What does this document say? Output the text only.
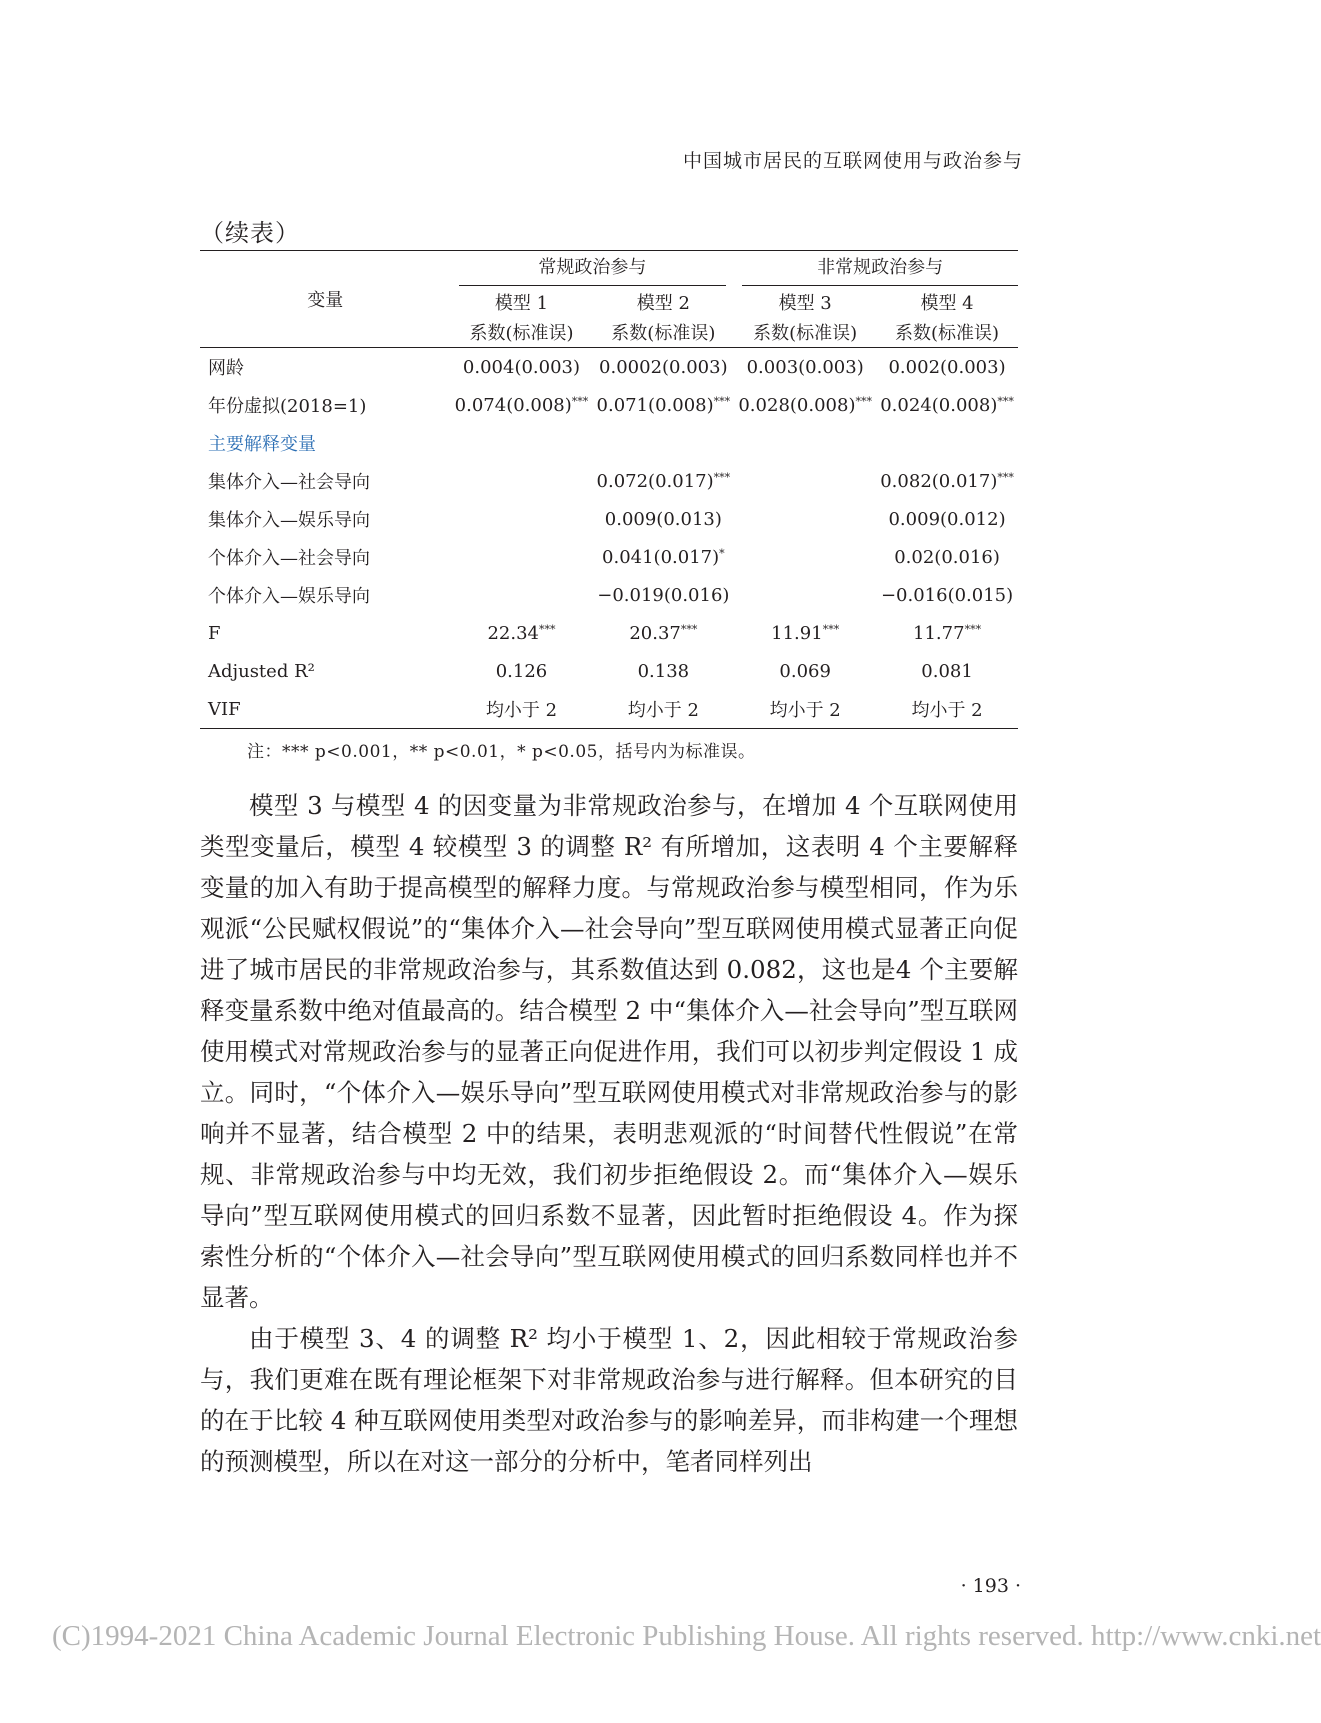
中国城市居民的互联网使用与政治参与
（续表）
变量	常规政治参与		非常规政治参与	

	模型 1	模型 2	模型 3	模型 4
	系数(标准误)	系数(标准误)	系数(标准误)	系数(标准误)
网龄	0.004(0.003)	0.0002(0.003)	0.003(0.003)	0.002(0.003)
年份虚拟(2018=1)	0.074(0.008)***	0.071(0.008)***	0.028(0.008)***	0.024(0.008)***
主要解释变量				
集体介入—社会导向		0.072(0.017)***		0.082(0.017)***
集体介入—娱乐导向		0.009(0.013)		0.009(0.012)
个体介入—社会导向		0.041(0.017)*		0.02(0.016)
个体介入—娱乐导向		−0.019(0.016)		−0.016(0.015)
F	22.34***	20.37***	11.91***	11.77***
Adjusted R²	0.126	0.138	0.069	0.081
VIF	均小于 2	均小于 2	均小于 2	均小于 2
注：*** p<0.001，** p<0.01，* p<0.05，括号内为标准误。

模型 3 与模型 4 的因变量为非常规政治参与，在增加 4 个互联网使用类型变量后，模型 4 较模型 3 的调整 R² 有所增加，这表明 4 个主要解释变量的加入有助于提高模型的解释力度。与常规政治参与模型相同，作为乐观派“公民赋权假说”的“集体介入—社会导向”型互联网使用模式显著正向促进了城市居民的非常规政治参与，其系数值达到 0.082，这也是4 个主要解释变量系数中绝对值最高的。结合模型 2 中“集体介入—社会导向”型互联网使用模式对常规政治参与的显著正向促进作用，我们可以初步判定假设 1 成立。同时，“个体介入—娱乐导向”型互联网使用模式对非常规政治参与的影响并不显著，结合模型 2 中的结果，表明悲观派的“时间替代性假说”在常规、非常规政治参与中均无效，我们初步拒绝假设 2。而“集体介入—娱乐导向”型互联网使用模式的回归系数不显著，因此暂时拒绝假设 4。作为探索性分析的“个体介入—社会导向”型互联网使用模式的回归系数同样也并不显著。

由于模型 3、4 的调整 R² 均小于模型 1、2，因此相较于常规政治参与，我们更难在既有理论框架下对非常规政治参与进行解释。但本研究的目的在于比较 4 种互联网使用类型对政治参与的影响差异，而非构建一个理想的预测模型，所以在对这一部分的分析中，笔者同样列出

· 193 ·
(C)1994-2021 China Academic Journal Electronic Publishing House. All rights reserved. http://www.cnki.net
